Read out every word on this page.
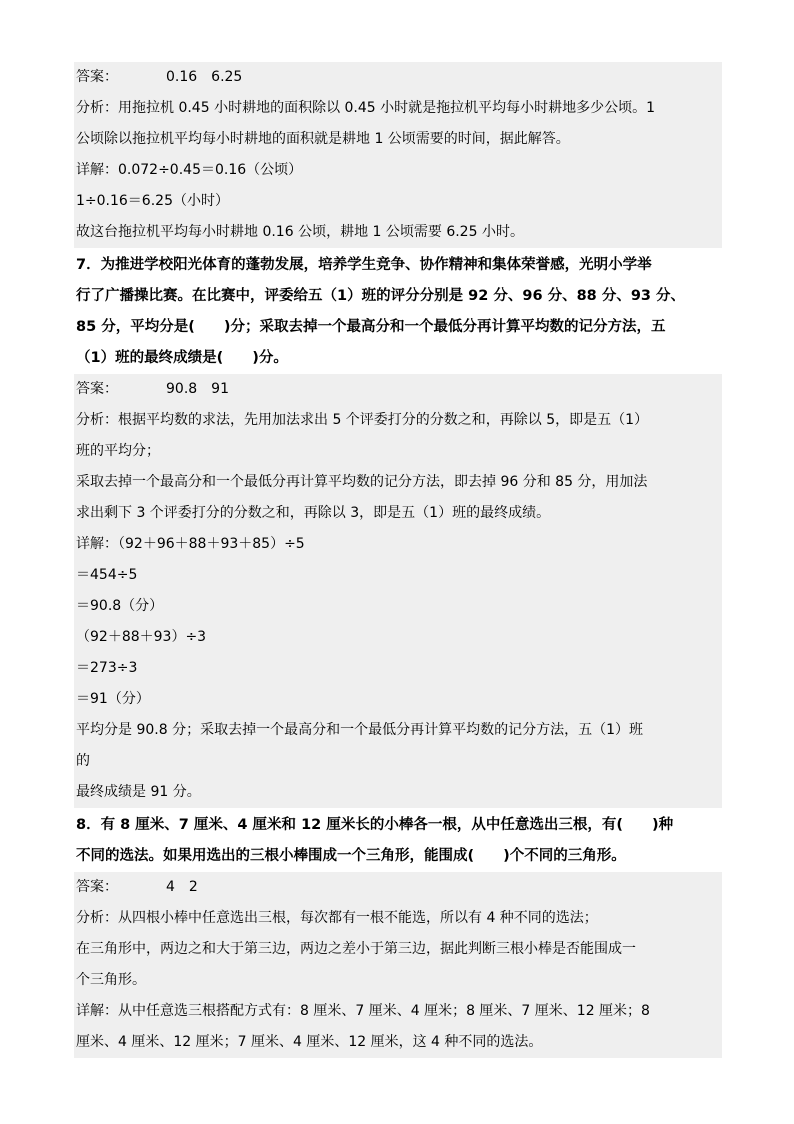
答案：	0.16 6.25
分析：用拖拉机 0.45 小时耕地的面积除以 0.45 小时就是拖拉机平均每小时耕地多少公顷。1
公顷除以拖拉机平均每小时耕地的面积就是耕地 1 公顷需要的时间，据此解答。
详解：0.072÷0.45＝0.16（公顷）
1÷0.16＝6.25（小时）
故这台拖拉机平均每小时耕地 0.16 公顷，耕地 1 公顷需要 6.25 小时。
7．为推进学校阳光体育的蓬勃发展，培养学生竞争、协作精神和集体荣誉感，光明小学举
行了广播操比赛。在比赛中，评委给五（1）班的评分分别是 92 分、96 分、88 分、93 分、
85 分，平均分是(　　)分；采取去掉一个最高分和一个最低分再计算平均数的记分方法，五
（1）班的最终成绩是(　　)分。
答案：	90.8 91
分析：根据平均数的求法，先用加法求出 5 个评委打分的分数之和，再除以 5，即是五（1）
班的平均分；
采取去掉一个最高分和一个最低分再计算平均数的记分方法，即去掉 96 分和 85 分，用加法
求出剩下 3 个评委打分的分数之和，再除以 3，即是五（1）班的最终成绩。
详解：（92＋96＋88＋93＋85）÷5
＝454÷5
＝90.8（分）
（92＋88＋93）÷3
＝273÷3
＝91（分）
平均分是 90.8 分；采取去掉一个最高分和一个最低分再计算平均数的记分方法，五（1）班
的
最终成绩是 91 分。
8．有 8 厘米、7 厘米、4 厘米和 12 厘米长的小棒各一根，从中任意选出三根，有(　　)种
不同的选法。如果用选出的三根小棒围成一个三角形，能围成(　　)个不同的三角形。
答案：	4 2
分析：从四根小棒中任意选出三根，每次都有一根不能选，所以有 4 种不同的选法；
在三角形中，两边之和大于第三边，两边之差小于第三边，据此判断三根小棒是否能围成一
个三角形。
详解：从中任意选三根搭配方式有：8 厘米、7 厘米、4 厘米；8 厘米、7 厘米、12 厘米；8
厘米、4 厘米、12 厘米；7 厘米、4 厘米、12 厘米，这 4 种不同的选法。
